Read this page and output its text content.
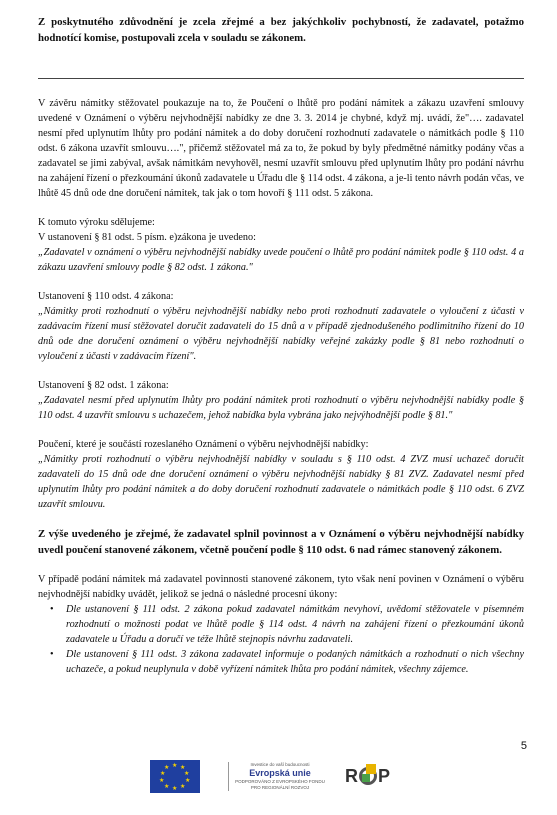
Z poskytnutého zdůvodnění je zcela zřejmé a bez jakýchkoliv pochybností, že zadavatel, potažmo hodnotící komise, postupovali zcela v souladu se zákonem.

V závěru námitky stěžovatel poukazuje na to, že Poučení o lhůtě pro podání námitek a zákazu uzavření smlouvy uvedené v Oznámení o výběru nejvhodnější nabídky ze dne 3. 3. 2014 je chybné, když mj. uvádí, že"…. zadavatel nesmí před uplynutím lhůty pro podání námitek a do doby doručení rozhodnutí zadavatele o námitkách podle § 110 odst. 6 zákona uzavřít smlouvu….", přičemž stěžovatel má za to, že pokud by byly předmětné námitky podány včas a zadavatel se jimi zabýval, avšak námitkám nevyhověl, nesmí uzavřít smlouvu před uplynutím lhůty pro podání návrhu na zahájení řízení o přezkoumání úkonů zadavatele u Úřadu dle § 114 odst. 4 zákona, a je-li tento návrh podán včas, ve lhůtě 45 dnů ode dne doručení námitek, tak jak o tom hovoří § 111 odst. 5 zákona.

K tomuto výroku sdělujeme:

V ustanovení § 81 odst. 5 písm. e)zákona je uvedeno:

„Zadavatel v oznámení o výběru nejvhodnější nabídky uvede poučení o lhůtě pro podání námitek podle § 110 odst. 4 a zákazu uzavření smlouvy podle § 82 odst. 1 zákona."

Ustanovení § 110 odst. 4 zákona:

„Námitky proti rozhodnutí o výběru nejvhodnější nabídky nebo proti rozhodnutí zadavatele o vyloučení z účasti v zadávacím řízení musí stěžovatel doručit zadavateli do 15 dnů a v případě zjednodušeného podlimitního řízení do 10 dnů ode dne doručení oznámení o výběru nejvhodnější nabídky veřejné zakázky podle § 81 nebo rozhodnutí o vyloučení z účasti v zadávacím řízení".

Ustanovení § 82 odst. 1 zákona:

„Zadavatel nesmí před uplynutím lhůty pro podání námitek proti rozhodnutí o výběru nejvhodnější nabídky podle § 110 odst. 4 uzavřít smlouvu s uchazečem, jehož nabídka byla vybrána jako nejvýhodnější podle § 81."

Poučení, které je součástí rozeslaného Oznámení o výběru nejvhodnější nabídky:

„Námitky proti rozhodnutí o výběru nejvhodnější nabídky v souladu s § 110 odst. 4 ZVZ musí uchazeč doručit zadavateli do 15 dnů ode dne doručení oznámení o výběru nejvhodnější nabídky § 81 ZVZ. Zadavatel nesmí před uplynutím lhůty pro podání námitek a do doby doručení rozhodnutí zadavatele o námitkách podle § 110 odst. 6 ZVZ uzavřít smlouvu.

Z výše uvedeného je zřejmé, že zadavatel splnil povinnost a v Oznámení o výběru nejvhodnější nabídky uvedl poučení stanovené zákonem, včetně poučení podle § 110 odst. 6 nad rámec stanovený zákonem.

V případě podání námitek má zadavatel povinnosti stanovené zákonem, tyto však není povinen v Oznámení o výběru nejvhodnější nabídky uvádět, jelikož se jedná o následné procesní úkony:

• Dle ustanovení § 111 odst. 2 zákona pokud zadavatel námitkám nevyhoví, uvědomí stěžovatele v písemném rozhodnutí o možnosti podat ve lhůtě podle § 114 odst. 4 návrh na zahájení řízení o přezkoumání úkonů zadavatele u Úřadu a doručí ve téže lhůtě stejnopis návrhu zadavateli.
• Dle ustanovení § 111 odst. 3 zákona zadavatel informuje o podaných námitkách a rozhodnutí o nich všechny uchazeče, a pokud neuplynula v době vyřízení námitek lhůta pro podání námitek, všechny zájemce.
5
★ ★
★
★
★
★
★
★
★
★
Investice do vaší budoucnosti
Evropská unie
PODPOROVÁNO Z EVROPSKÉHO FONDU PRO REGIONÁLNÍ ROZVOJ
R P
